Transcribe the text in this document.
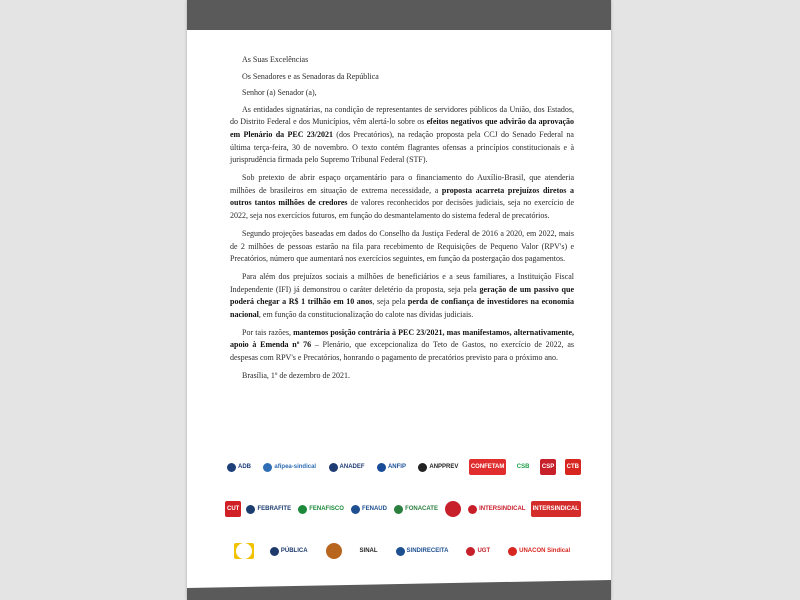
As Suas Excelências

Os Senadores e as Senadoras da República

Senhor (a) Senador (a),

As entidades signatárias, na condição de representantes de servidores públicos da União, dos Estados, do Distrito Federal e dos Municípios, vêm alertá-lo sobre os efeitos negativos que advirão da aprovação em Plenário da PEC 23/2021 (dos Precatórios), na redação proposta pela CCJ do Senado Federal na última terça-feira, 30 de novembro. O texto contém flagrantes ofensas a princípios constitucionais e à jurisprudência firmada pelo Supremo Tribunal Federal (STF).

Sob pretexto de abrir espaço orçamentário para o financiamento do Auxílio-Brasil, que atenderia milhões de brasileiros em situação de extrema necessidade, a proposta acarreta prejuízos diretos a outros tantos milhões de credores de valores reconhecidos por decisões judiciais, seja no exercício de 2022, seja nos exercícios futuros, em função do desmantelamento do sistema federal de precatórios.

Segundo projeções baseadas em dados do Conselho da Justiça Federal de 2016 a 2020, em 2022, mais de 2 milhões de pessoas estarão na fila para recebimento de Requisições de Pequeno Valor (RPV's) e Precatórios, número que aumentará nos exercícios seguintes, em função da postergação dos pagamentos.

Para além dos prejuízos sociais a milhões de beneficiários e a seus familiares, a Instituição Fiscal Independente (IFI) já demonstrou o caráter deletério da proposta, seja pela geração de um passivo que poderá chegar a R$ 1 trilhão em 10 anos, seja pela perda de confiança de investidores na economia nacional, em função da constitucionalização do calote nas dívidas judiciais.

Por tais razões, mantemos posição contrária à PEC 23/2021, mas manifestamos, alternativamente, apoio à Emenda nº 76 – Plenário, que excepcionaliza do Teto de Gastos, no exercício de 2022, as despesas com RPV's e Precatórios, honrando o pagamento de precatórios previsto para o próximo ano.

Brasília, 1º de dezembro de 2021.

ADB	afipea-sindical	ANADEF	ANFIP	ANPPREV CONFETAM CSB CSP CTB
CUT	FEBRAFITE	FENAFISCO	FENAUD	FONACATE	INTERSINDICAL INTERSINDICAL
PÚBLICA	SINAL	SINDIRECEITA	UGT	UNACON Sindical
